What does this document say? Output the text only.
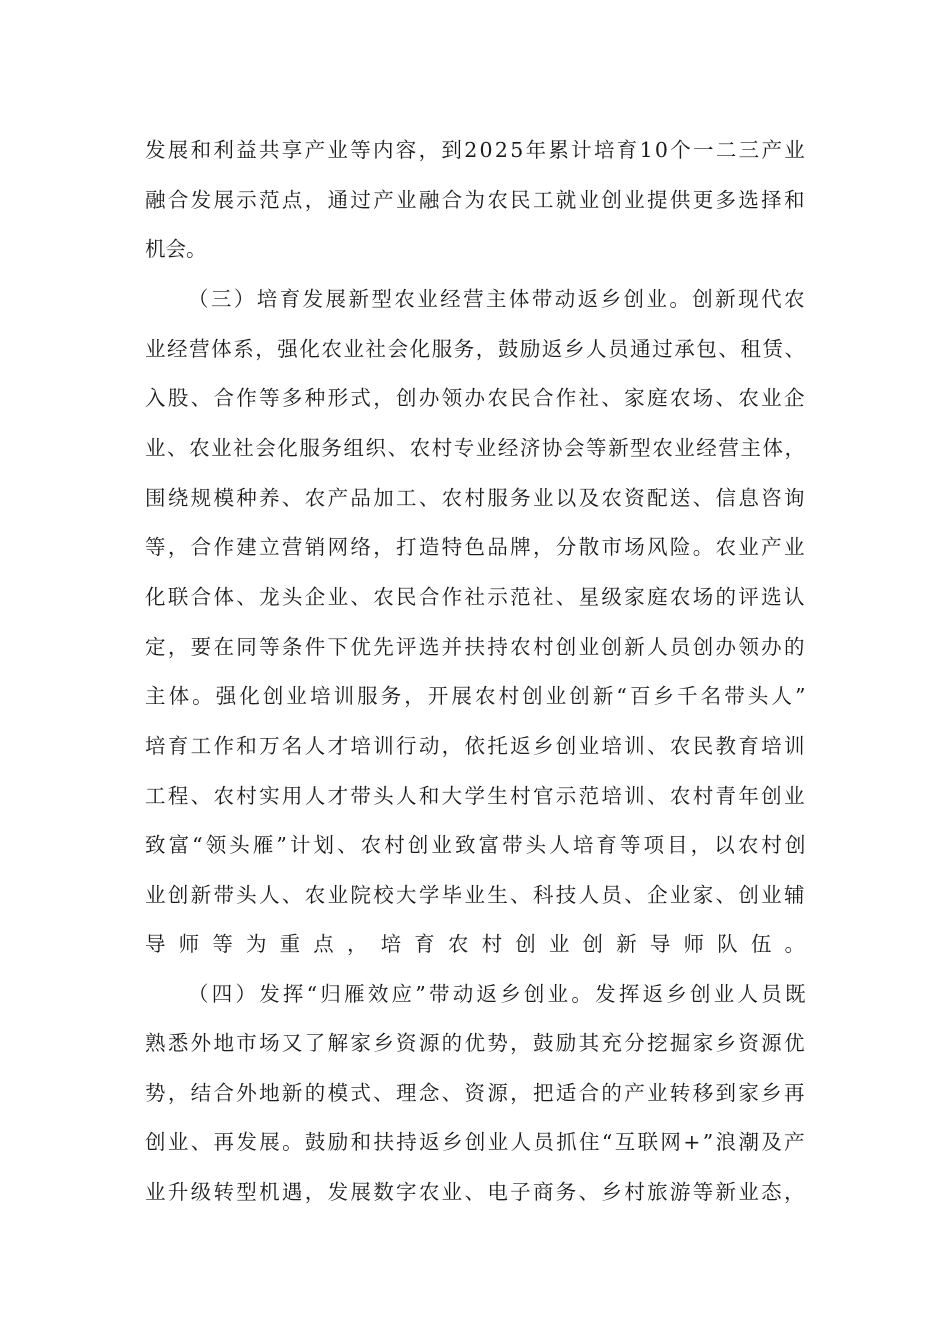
发展和利益共享产业等内容，到2025年累计培育10个一二三产业
融合发展示范点，通过产业融合为农民工就业创业提供更多选择和
机会。
（三）培育发展新型农业经营主体带动返乡创业。创新现代农
业经营体系，强化农业社会化服务，鼓励返乡人员通过承包、租赁、
入股、合作等多种形式，创办领办农民合作社、家庭农场、农业企
业、农业社会化服务组织、农村专业经济协会等新型农业经营主体，
围绕规模种养、农产品加工、农村服务业以及农资配送、信息咨询
等，合作建立营销网络，打造特色品牌，分散市场风险。农业产业
化联合体、龙头企业、农民合作社示范社、星级家庭农场的评选认
定，要在同等条件下优先评选并扶持农村创业创新人员创办领办的
主体。强化创业培训服务，开展农村创业创新“百乡千名带头人”
培育工作和万名人才培训行动，依托返乡创业培训、农民教育培训
工程、农村实用人才带头人和大学生村官示范培训、农村青年创业
致富“领头雁”计划、农村创业致富带头人培育等项目，以农村创
业创新带头人、农业院校大学毕业生、科技人员、企业家、创业辅
导师等为重点，培育农村创业创新导师队伍。
（四）发挥“归雁效应”带动返乡创业。发挥返乡创业人员既
熟悉外地市场又了解家乡资源的优势，鼓励其充分挖掘家乡资源优
势，结合外地新的模式、理念、资源，把适合的产业转移到家乡再
创业、再发展。鼓励和扶持返乡创业人员抓住“互联网+”浪潮及产
业升级转型机遇，发展数字农业、电子商务、乡村旅游等新业态，
